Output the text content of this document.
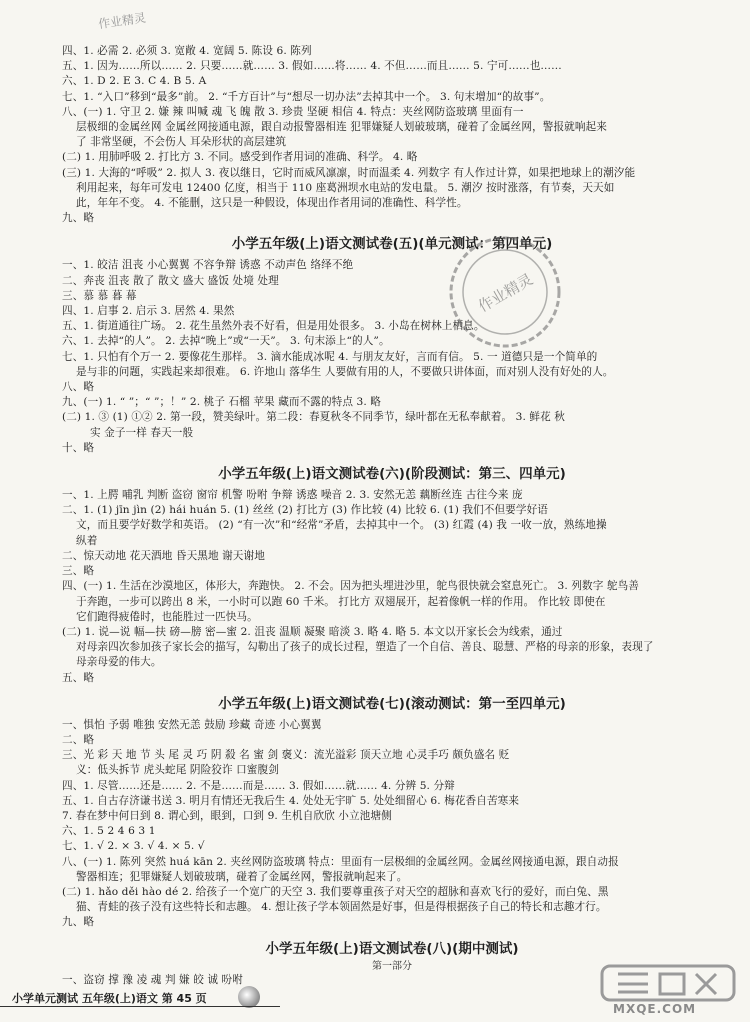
作业精灵
四、1. 必需 2. 必须 3. 宽敞 4. 宽阔 5. 陈设 6. 陈列
五、1. 因为……所以…… 2. 只要……就…… 3. 假如……将…… 4. 不但……而且…… 5. 宁可……也……
六、1. D 2. E 3. C 4. B 5. A
七、1. “入口”移到“最多”前。 2. “千方百计”与“想尽一切办法”去掉其中一个。 3. 句末增加“的故事”。
八、(一) 1. 守卫 2. 嫌 辣 叫喊 魂 飞 魄 散 3. 珍贵 坚硬 相信 4. 特点：夹丝网防盗玻璃 里面有一
层极细的金属丝网 金属丝网接通电源，跟自动报警器相连 犯罪嫌疑人划破玻璃，碰着了金属丝网，警报就响起来
了 非常坚硬，不会伤人 耳朵形状的高层建筑
(二) 1. 用肺呼吸 2. 打比方 3. 不同。感受到作者用词的准确、科学。 4. 略
(三) 1. 大海的“呼吸” 2. 拟人 3. 夜以继日，它时而威风凛凛，时而温柔 4. 列数字 有人作过计算，如果把地球上的潮汐能
利用起来，每年可发电 12400 亿度，相当于 110 座葛洲坝水电站的发电量。 5. 潮汐 按时涨落，有节奏，天天如
此，年年不变。 4. 不能删，这只是一种假设，体现出作者用词的准确性、科学性。
九、略
小学五年级(上)语文测试卷(五)(单元测试：第四单元)
一、1. 皎洁 沮丧 小心翼翼 不容争辩 诱惑 不动声色 络绎不绝
二、奔丧 沮丧 散了 散文 盛大 盛饭 处境 处理
三、慕 慕 暮 幕
四、1. 启事 2. 启示 3. 居然 4. 果然
五、1. 街道通往广场。 2. 花生虽然外表不好看，但是用处很多。 3. 小岛在树林上栖息。
六、1. 去掉“的人”。 2. 去掉“晚上”或“一天”。 3. 句末添上“的人”。
七、1. 只怕有个万一 2. 要像花生那样。 3. 滴水能成冰呢 4. 与朋友友好，言而有信。 5. 一 道德只是一个简单的
是与非的问题，实践起来却很难。 6. 许地山 落华生 人要做有用的人，不要做只讲体面，而对别人没有好处的人。
八、略
九、(一) 1. “ ”；“ ”；！” 2. 桃子 石榴 苹果 藏而不露的特点 3. 略
(二) 1. ③ (1) ①② 2. 第一段，赞美绿叶。第二段：春夏秋冬不同季节，绿叶都在无私奉献着。 3. 鲜花 秋
实 金子一样 春天一般
十、略
小学五年级(上)语文测试卷(六)(阶段测试：第三、四单元)
一、1. 上腭 哺乳 判断 盗窃 窗帘 机警 吩咐 争辩 诱惑 噪音 2. 3. 安然无恙 藕断丝连 古往今来 庞
二、1. (1) jīn jìn (2) hái huán 5. (1) 丝丝 (2) 打比方 (3) 作比较 (4) 比较 6. (1) 我们不但要学好语
文，而且要学好数学和英语。 (2) “有一次”和“经常”矛盾，去掉其中一个。 (3) 红霞 (4) 我 一收一放，熟练地操
纵着
二、惊天动地 花天酒地 昏天黑地 谢天谢地
三、略
四、(一) 1. 生活在沙漠地区，体形大，奔跑快。 2. 不会。因为把头埋进沙里，鸵鸟很快就会窒息死亡。 3. 列数字 鸵鸟善
于奔跑，一步可以跨出 8 米，一小时可以跑 60 千米。 打比方 双翅展开，起着像帆一样的作用。 作比较 即使在
它们跑得疲倦时，也能胜过一匹快马。
(二) 1. 说—说 幅—扶 磅—膀 密—蜜 2. 沮丧 温顺 凝聚 暗淡 3. 略 4. 略 5. 本文以开家长会为线索，通过
对母亲四次参加孩子家长会的描写，勾勒出了孩子的成长过程，塑造了一个自信、善良、聪慧、严格的母亲的形象，表现了
母亲母爱的伟大。
五、略
小学五年级(上)语文测试卷(七)(滚动测试：第一至四单元)
一、惧怕 予弱 唯独 安然无恙 鼓励 珍藏 奇迹 小心翼翼
二、略
三、光 彩 天 地 节 头 尾 灵 巧 阴 殺 名 蜜 剑 褒义：流光溢彩 顶天立地 心灵手巧 颇负盛名 贬
义：低头拆节 虎头蛇尾 阴险狡诈 口蜜腹剑
四、1. 尽管……还是…… 2. 不是……而是…… 3. 假如……就…… 4. 分辨 5. 分辩
五、1. 自古存济谦书送 3. 明月有情还无我后生 4. 处处无宇旷 5. 处处细留心 6. 梅花香自苦寒来
7. 春在梦中何日到 8. 谓心到，眼到，口到 9. 生机自欣欣 小立池塘侧
六、1. 5 2 4 6 3 1
七、1. √ 2. × 3. √ 4. × 5. √
八、(一) 1. 陈列 突然 huá kān 2. 夹丝网防盗玻璃 特点：里面有一层极细的金属丝网。金属丝网接通电源，跟自动报
警器相连；犯罪嫌疑人划破玻璃，碰着了金属丝网，警报就响起来了。
(二) 1. hǎo děi hào dé 2. 给孩子一个宽广的天空 3. 我们要尊重孩子对天空的超脉和喜欢飞行的爱好，而白兔、黑
猫、青蛙的孩子没有这些特长和志趣。 4. 想让孩子学本领固然是好事，但是得根据孩子自己的特长和志趣才行。
九、略
小学五年级(上)语文测试卷(八)(期中测试)
第一部分
一、盗窃 撑 豫 凌 魂 判 嫌 皎 诚 吩咐
作业精灵
小学单元测试 五年级(上)语文 第 45 页
MXQE.COM
